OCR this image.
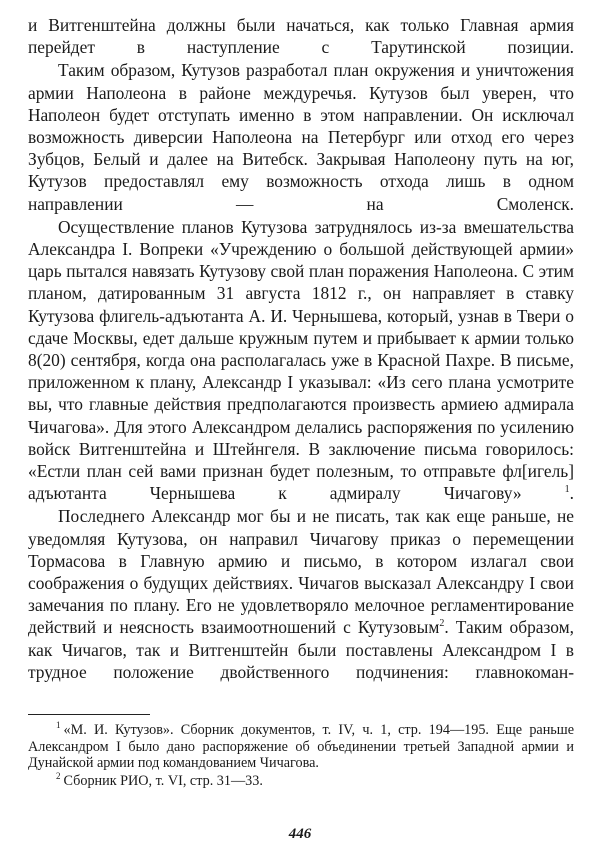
и Витгенштейна должны были начаться, как только Главная армия перейдет в наступление с Тарутинской позиции.

Таким образом, Кутузов разработал план окружения и уничтожения армии Наполеона в районе междуречья. Кутузов был уверен, что Наполеон будет отступать именно в этом направлении. Он исключал возможность диверсии Наполеона на Петербург или отход его через Зубцов, Белый и далее на Витебск. Закрывая Наполеону путь на юг, Кутузов предоставлял ему возможность отхода лишь в одном направлении — на Смоленск.

Осуществление планов Кутузова затруднялось из-за вмешательства Александра I. Вопреки «Учреждению о большой действующей армии» царь пытался навязать Кутузову свой план поражения Наполеона. С этим планом, датированным 31 августа 1812 г., он направляет в ставку Кутузова флигель-адъютанта А. И. Чернышева, который, узнав в Твери о сдаче Москвы, едет дальше кружным путем и прибывает к армии только 8(20) сентября, когда она располагалась уже в Красной Пахре. В письме, приложенном к плану, Александр I указывал: «Из сего плана усмотрите вы, что главные действия предполагаются произвесть армиею адмирала Чичагова». Для этого Александром делались распоряжения по усилению войск Витгенштейна и Штейнгеля. В заключение письма говорилось: «Естли план сей вами признан будет полезным, то отправьте фл[игель] адъютанта Чернышева к адмиралу Чичагову»	$^1$.

Последнего Александр мог бы и не писать, так как еще раньше, не уведомляя Кутузова, он направил Чичагову приказ о перемещении Тормасова в Главную армию и письмо, в котором излагал свои соображения о будущих действиях. Чичагов высказал Александру I свои замечания по плану. Его не удовлетворяло мелочное регламентирование действий и неясность взаимоотношений с Кутузовым$^2$. Таким образом, как Чичагов, так и Витгенштейн были поставлены Александром I в трудное положение двойственного подчинения: главнокоман-

$^1$ «М. И. Кутузов». Сборник документов, т. IV, ч. 1, стр. 194—195. Еще раньше Александром I было дано распоряжение об объединении третьей Западной армии и Дунайской армии под командованием Чичагова.

$^2$ Сборник РИО, т. VI, стр. 31—33.

446
